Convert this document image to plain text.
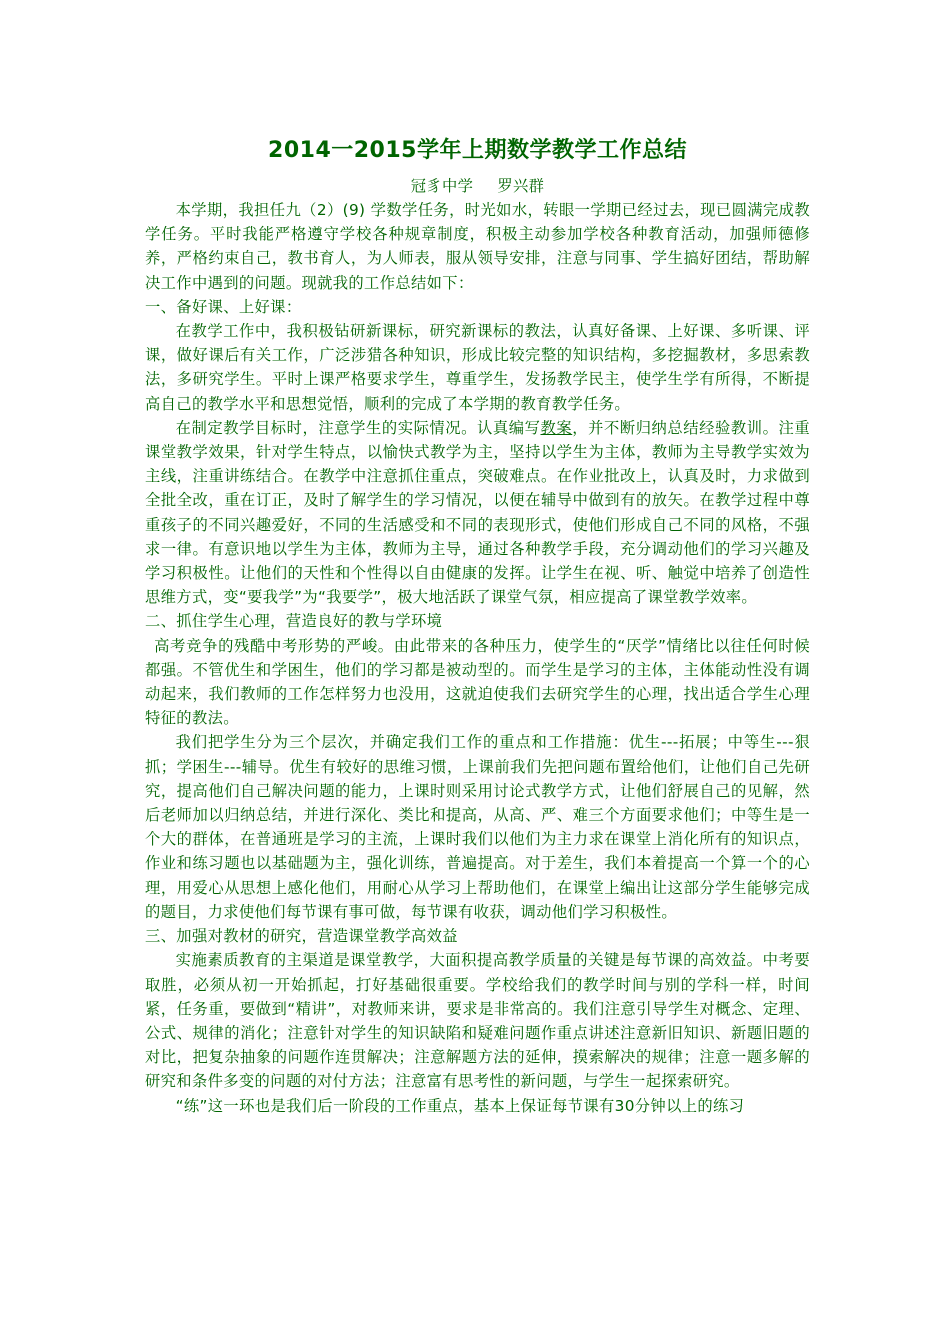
2014一2015学年上期数学教学工作总结

冠豸中学 罗兴群

本学期，我担任九（2）(9) 学数学任务，时光如水，转眼一学期已经过去，现已圆满完成教学任务。平时我能严格遵守学校各种规章制度，积极主动参加学校各种教育活动，加强师德修养，严格约束自己，教书育人，为人师表，服从领导安排，注意与同事、学生搞好团结，帮助解决工作中遇到的问题。现就我的工作总结如下：

一、备好课、上好课：

在教学工作中，我积极钻研新课标，研究新课标的教法，认真好备课、上好课、多听课、评课，做好课后有关工作，广泛涉猎各种知识，形成比较完整的知识结构，多挖掘教材，多思索教法，多研究学生。平时上课严格要求学生，尊重学生，发扬教学民主，使学生学有所得，不断提高自己的教学水平和思想觉悟，顺利的完成了本学期的教育教学任务。

在制定教学目标时，注意学生的实际情况。认真编写教案，并不断归纳总结经验教训。注重课堂教学效果，针对学生特点，以愉快式教学为主，坚持以学生为主体，教师为主导教学实效为主线，注重讲练结合。在教学中注意抓住重点，突破难点。在作业批改上，认真及时，力求做到全批全改，重在订正，及时了解学生的学习情况，以便在辅导中做到有的放矢。在教学过程中尊重孩子的不同兴趣爱好，不同的生活感受和不同的表现形式，使他们形成自己不同的风格，不强求一律。有意识地以学生为主体，教师为主导，通过各种教学手段，充分调动他们的学习兴趣及学习积极性。让他们的天性和个性得以自由健康的发挥。让学生在视、听、触觉中培养了创造性思维方式，变“要我学”为“我要学”，极大地活跃了课堂气氛，相应提高了课堂教学效率。

二、抓住学生心理，营造良好的教与学环境

高考竞争的残酷中考形势的严峻。由此带来的各种压力，使学生的“厌学”情绪比以往任何时候都强。不管优生和学困生，他们的学习都是被动型的。而学生是学习的主体，主体能动性没有调动起来，我们教师的工作怎样努力也没用，这就迫使我们去研究学生的心理，找出适合学生心理特征的教法。

我们把学生分为三个层次，并确定我们工作的重点和工作措施：优生---拓展；中等生---狠抓；学困生---辅导。优生有较好的思维习惯，上课前我们先把问题布置给他们，让他们自己先研究，提高他们自己解决问题的能力，上课时则采用讨论式教学方式，让他们舒展自己的见解，然后老师加以归纳总结，并进行深化、类比和提高，从高、严、难三个方面要求他们；中等生是一个大的群体，在普通班是学习的主流，上课时我们以他们为主力求在课堂上消化所有的知识点，作业和练习题也以基础题为主，强化训练，普遍提高。对于差生，我们本着提高一个算一个的心理，用爱心从思想上感化他们，用耐心从学习上帮助他们，在课堂上编出让这部分学生能够完成的题目，力求使他们每节课有事可做，每节课有收获，调动他们学习积极性。

三、加强对教材的研究，营造课堂教学高效益

实施素质教育的主渠道是课堂教学，大面积提高教学质量的关键是每节课的高效益。中考要取胜，必须从初一开始抓起，打好基础很重要。学校给我们的教学时间与别的学科一样，时间紧，任务重，要做到“精讲”，对教师来讲，要求是非常高的。我们注意引导学生对概念、定理、公式、规律的消化；注意针对学生的知识缺陷和疑难问题作重点讲述注意新旧知识、新题旧题的对比，把复杂抽象的问题作连贯解决；注意解题方法的延伸，摸索解决的规律；注意一题多解的研究和条件多变的问题的对付方法；注意富有思考性的新问题，与学生一起探索研究。

“练”这一环也是我们后一阶段的工作重点，基本上保证每节课有30分钟以上的练习
